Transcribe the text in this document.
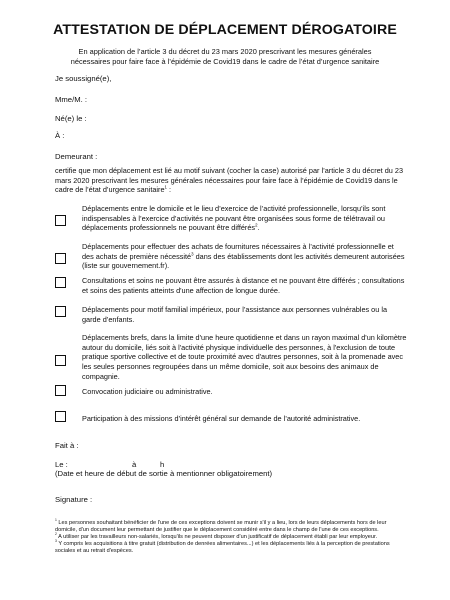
ATTESTATION DE DÉPLACEMENT DÉROGATOIRE
En application de l’article 3 du décret du 23 mars 2020 prescrivant les mesures générales
nécessaires pour faire face à l’épidémie de Covid19 dans le cadre de l’état d’urgence sanitaire
Je soussigné(e),
Mme/M. :
Né(e) le :
À :
Demeurant :
certifie que mon déplacement est lié au motif suivant (cocher la case) autorisé par l’article 3 du décret du 23 mars 2020 prescrivant les mesures générales nécessaires pour faire face à l’épidémie de Covid19 dans le cadre de l’état d’urgence sanitaire$^1$ :
Déplacements entre le domicile et le lieu d’exercice de l’activité professionnelle, lorsqu’ils sont indispensables à l’exercice d’activités ne pouvant être organisées sous forme de télétravail ou déplacements professionnels ne pouvant être différés$^2$.
Déplacements pour effectuer des achats de fournitures nécessaires à l’activité professionnelle et des achats de première nécessité$^3$ dans des établissements dont les activités demeurent autorisées (liste sur gouvernement.fr).
Consultations et soins ne pouvant être assurés à distance et ne pouvant être différés ; consultations et soins des patients atteints d'une affection de longue durée.
Déplacements pour motif familial impérieux, pour l’assistance aux personnes vulnérables ou la garde d’enfants.
Déplacements brefs, dans la limite d'une heure quotidienne et dans un rayon maximal d'un kilomètre autour du domicile, liés soit à l'activité physique individuelle des personnes, à l'exclusion de toute pratique sportive collective et de toute proximité avec d'autres personnes, soit à la promenade avec les seules personnes regroupées dans un même domicile, soit aux besoins des animaux de compagnie.
Convocation judiciaire ou administrative.
Participation à des missions d’intérêt général sur demande de l’autorité administrative.
Fait à :
Le :	à	h
(Date et heure de début de sortie à mentionner obligatoirement)
Signature :

$^1$ Les personnes souhaitant bénéficier de l'une de ces exceptions doivent se munir s'il y a lieu, lors de leurs déplacements hors de leur domicile, d'un document leur permettant de justifier que le déplacement considéré entre dans le champ de l'une de ces exceptions.

$^2$ A utiliser par les travailleurs non-salariés, lorsqu'ils ne peuvent disposer d'un justificatif de déplacement établi par leur employeur.

$^3$ Y compris les acquisitions à titre gratuit (distribution de denrées alimentaires...) et les déplacements liés à la perception de prestations sociales et au retrait d'espèces.
